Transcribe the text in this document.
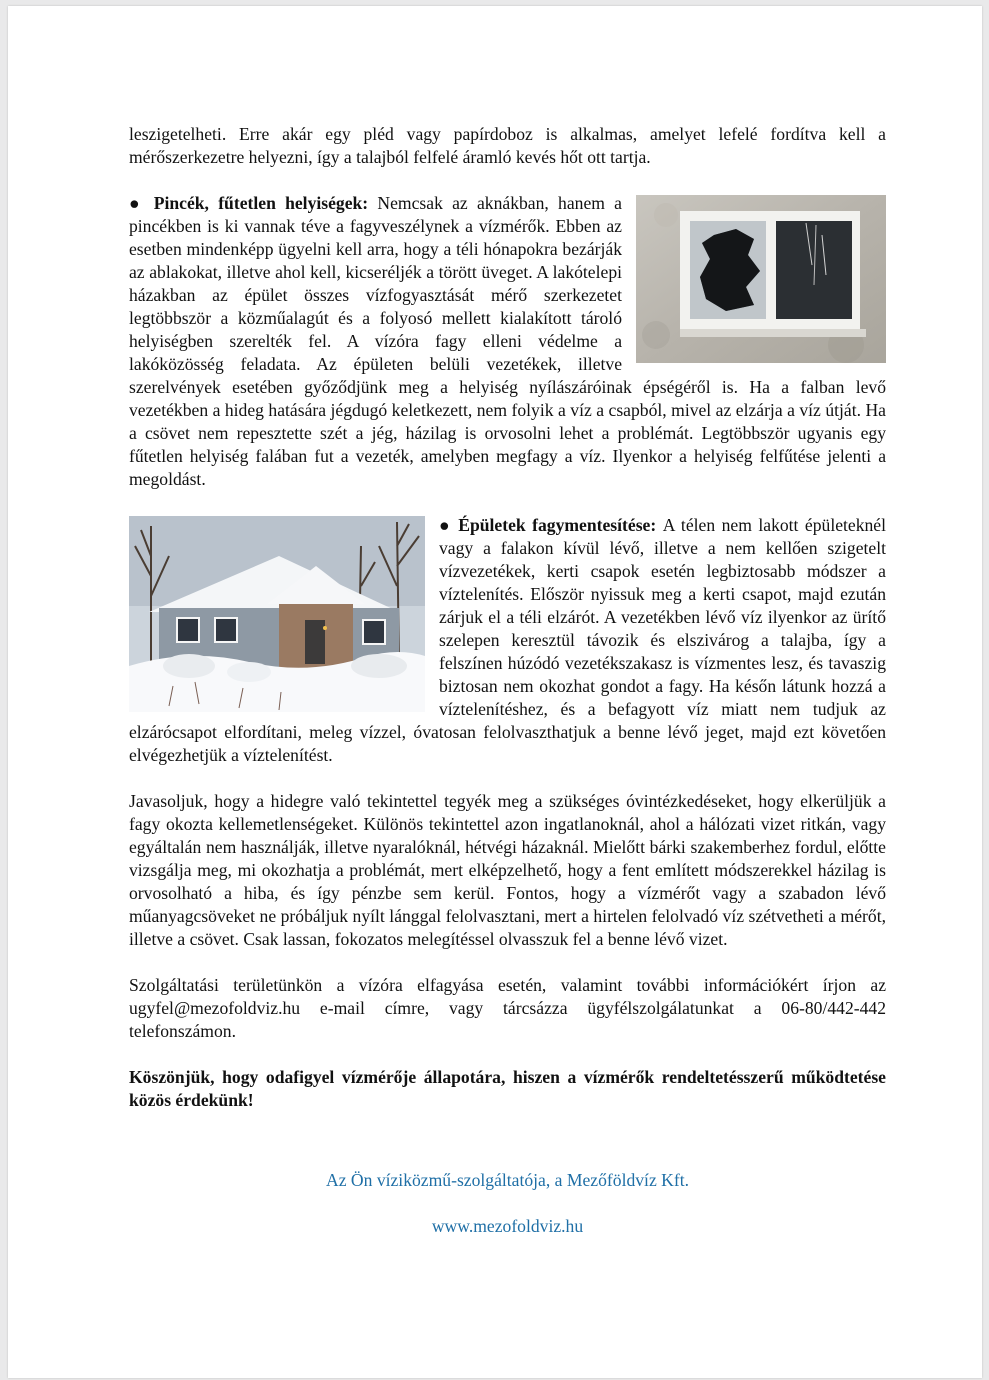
leszigetelheti. Erre akár egy pléd vagy papírdoboz is alkalmas, amelyet lefelé fordítva kell a mérőszerkezetre helyezni, így a talajból felfelé áramló kevés hőt ott tartja.

● Pincék, fűtetlen helyiségek: Nemcsak az aknákban, hanem a pincékben is ki vannak téve a fagyveszélynek a vízmérők. Ebben az esetben mindenképp ügyelni kell arra, hogy a téli hónapokra bezárják az ablakokat, illetve ahol kell, kicseréljék a törött üveget. A lakótelepi házakban az épület összes vízfogyasztását mérő szerkezetet legtöbbször a közműalagút és a folyosó mellett kialakított tároló helyiségben szerelték fel. A vízóra fagy elleni védelme a lakóközösség feladata. Az épületen belüli vezetékek, illetve szerelvények esetében győződjünk meg a helyiség nyílászáróinak épségéről is. Ha a falban levő vezetékben a hideg hatására jégdugó keletkezett, nem folyik a víz a csapból, mivel az elzárja a víz útját. Ha a csövet nem repesztette szét a jég, házilag is orvosolni lehet a problémát. Legtöbbször ugyanis egy fűtetlen helyiség falában fut a vezeték, amelyben megfagy a víz. Ilyenkor a helyiség felfűtése jelenti a megoldást.

● Épületek fagymentesítése: A télen nem lakott épületeknél vagy a falakon kívül lévő, illetve a nem kellően szigetelt vízvezetékek, kerti csapok esetén legbiztosabb módszer a víztelenítés. Először nyissuk meg a kerti csapot, majd ezután zárjuk el a téli elzárót. A vezetékben lévő víz ilyenkor az ürítő szelepen keresztül távozik és elszivárog a talajba, így a felszínen húzódó vezetékszakasz is vízmentes lesz, és tavaszig biztosan nem okozhat gondot a fagy. Ha későn látunk hozzá a víztelenítéshez, és a befagyott víz miatt nem tudjuk az elzárócsapot elfordítani, meleg vízzel, óvatosan felolvaszthatjuk a benne lévő jeget, majd ezt követően elvégezhetjük a víztelenítést.

Javasoljuk, hogy a hidegre való tekintettel tegyék meg a szükséges óvintézkedéseket, hogy elkerüljük a fagy okozta kellemetlenségeket. Különös tekintettel azon ingatlanoknál, ahol a hálózati vizet ritkán, vagy egyáltalán nem használják, illetve nyaralóknál, hétvégi házaknál. Mielőtt bárki szakemberhez fordul, előtte vizsgálja meg, mi okozhatja a problémát, mert elképzelhető, hogy a fent említett módszerekkel házilag is orvosolható a hiba, és így pénzbe sem kerül. Fontos, hogy a vízmérőt vagy a szabadon lévő műanyagcsöveket ne próbáljuk nyílt lánggal felolvasztani, mert a hirtelen felolvadó víz szétvetheti a mérőt, illetve a csövet. Csak lassan, fokozatos melegítéssel olvasszuk fel a benne lévő vizet.

Szolgáltatási területünkön a vízóra elfagyása esetén, valamint további információkért írjon az ugyfel@mezofoldviz.hu e-mail címre, vagy tárcsázza ügyfélszolgálatunkat a 06-80/442-442 telefonszámon.

Köszönjük, hogy odafigyel vízmérője állapotára, hiszen a vízmérők rendeltetésszerű működtetése közös érdekünk!

Az Ön víziközmű-szolgáltatója, a Mezőföldvíz Kft.
www.mezofoldviz.hu
